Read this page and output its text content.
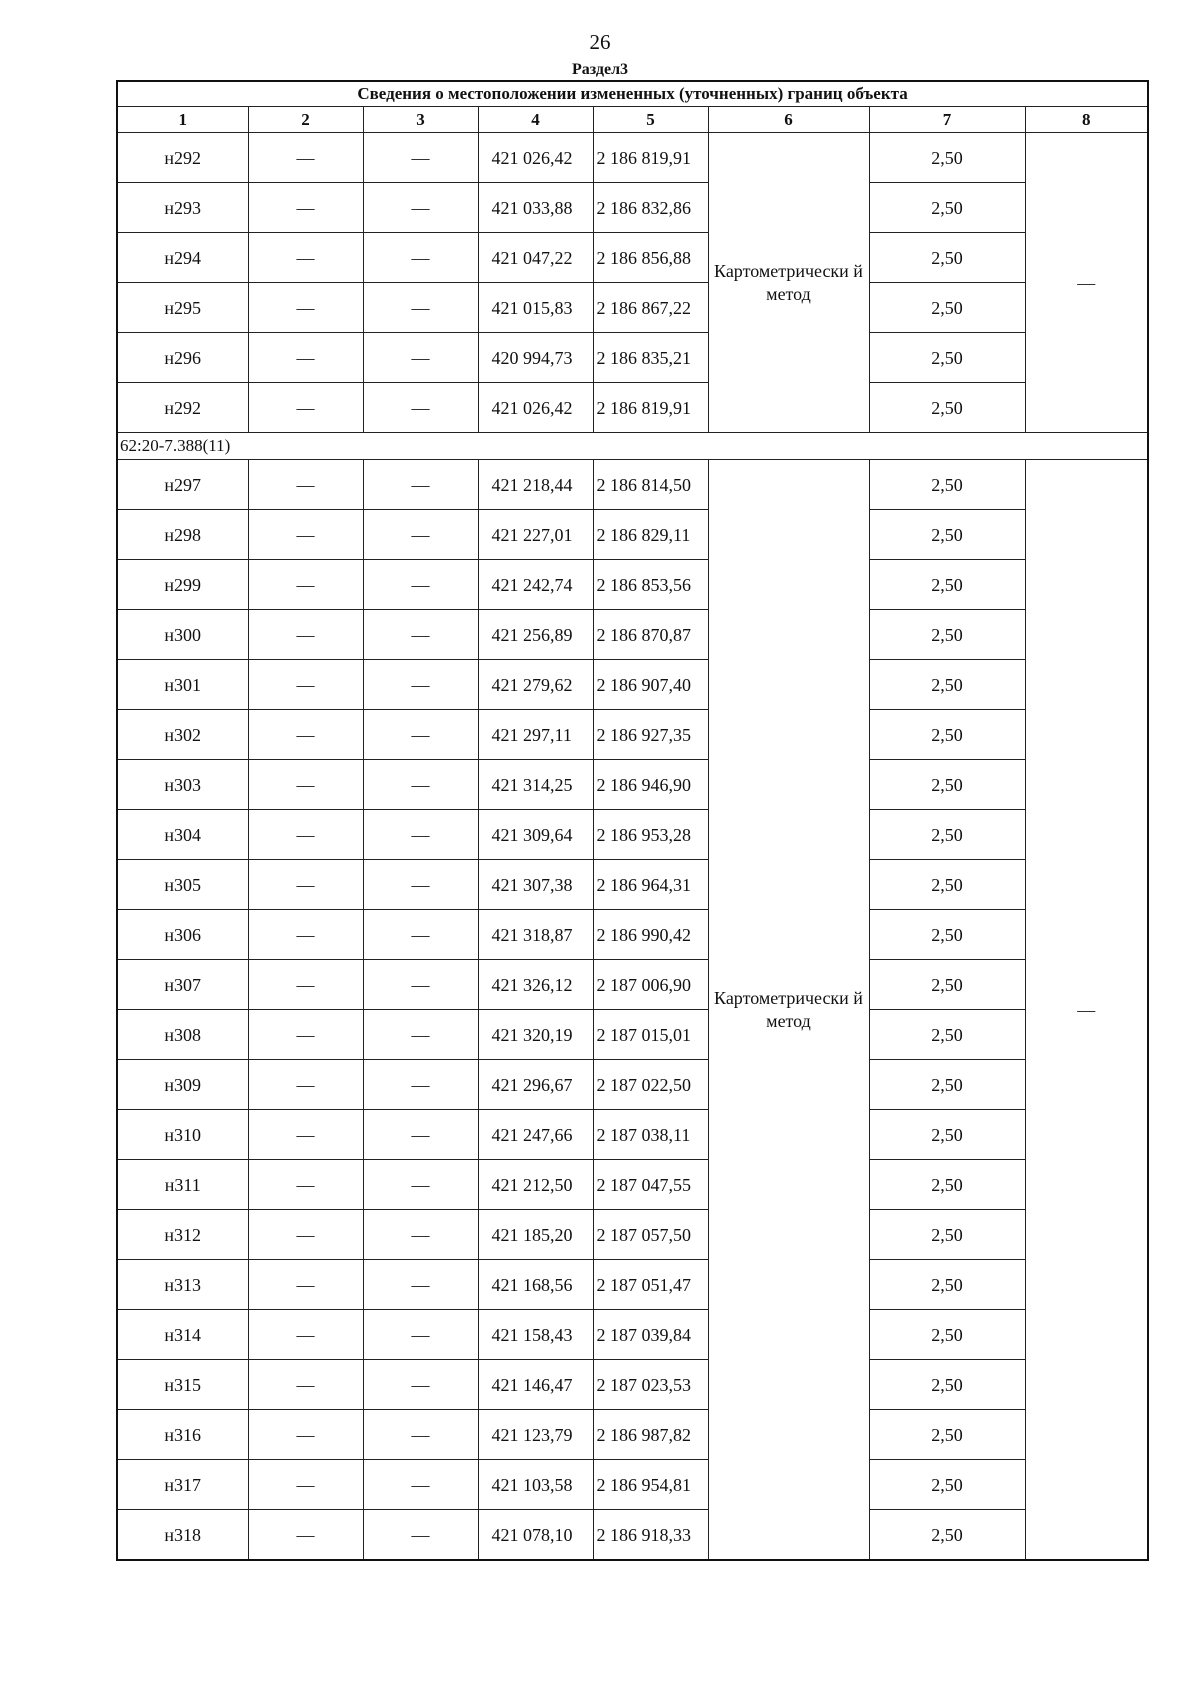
26
Раздел3
Сведения о местоположении измененных (уточненных) границ объекта							
1	2	3	4	5	6	7	8
н292	—	—	421 026,42	2 186 819,91	Картометрически й метод	2,50	—
н293	—	—	421 033,88	2 186 832,86		2,50	
н294	—	—	421 047,22	2 186 856,88		2,50	
н295	—	—	421 015,83	2 186 867,22		2,50	
н296	—	—	420 994,73	2 186 835,21		2,50	
н292	—	—	421 026,42	2 186 819,91		2,50	
62:20-7.388(11)							
н297	—	—	421 218,44	2 186 814,50	Картометрически й метод	2,50	—
н298	—	—	421 227,01	2 186 829,11		2,50	
н299	—	—	421 242,74	2 186 853,56		2,50	
н300	—	—	421 256,89	2 186 870,87		2,50	
н301	—	—	421 279,62	2 186 907,40		2,50	
н302	—	—	421 297,11	2 186 927,35		2,50	
н303	—	—	421 314,25	2 186 946,90		2,50	
н304	—	—	421 309,64	2 186 953,28		2,50	
н305	—	—	421 307,38	2 186 964,31		2,50	
н306	—	—	421 318,87	2 186 990,42		2,50	
н307	—	—	421 326,12	2 187 006,90		2,50	
н308	—	—	421 320,19	2 187 015,01		2,50	
н309	—	—	421 296,67	2 187 022,50		2,50	
н310	—	—	421 247,66	2 187 038,11		2,50	
н311	—	—	421 212,50	2 187 047,55		2,50	
н312	—	—	421 185,20	2 187 057,50		2,50	
н313	—	—	421 168,56	2 187 051,47		2,50	
н314	—	—	421 158,43	2 187 039,84		2,50	
н315	—	—	421 146,47	2 187 023,53		2,50	
н316	—	—	421 123,79	2 186 987,82		2,50	
н317	—	—	421 103,58	2 186 954,81		2,50	
н318	—	—	421 078,10	2 186 918,33		2,50	
